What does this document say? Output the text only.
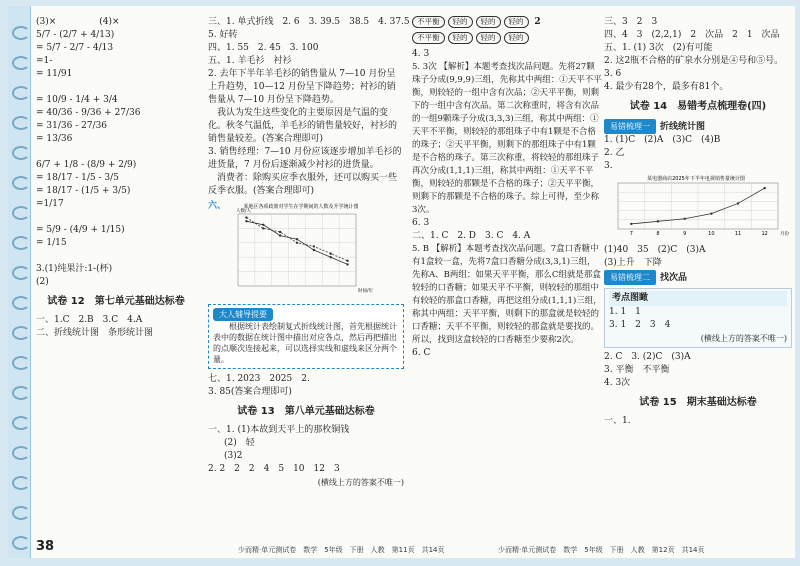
(3)×	(4)×
5/7 - (2/7 + 4/13)
= 5/7 - 2/7 - 4/13
=1-
= 11/91

= 10/9 - 1/4 + 3/4
= 40/36 - 9/36 + 27/36
= 31/36 - 27/36
= 13/36

6/7 + 1/8 - (8/9 + 2/9)
= 18/17 - 1/5 - 3/5
= 18/17 - (1/5 + 3/5)
=1/17

= 5/9 - (4/9 + 1/15)
= 1/15

3.(1)纯果汁:1-(杯)
(2)
试卷 12　第七单元基础达标卷
一、1.C　2.B　3.C　4.A
二、折线统计图　条形统计图
38
三、1. 单式折线　2. 6　3. 39.5　38.5　4. 37.5
5. 好转
四、1. 55　2. 45　3. 100
五、1. 羊毛衫　衬衫
2. 去年下半年羊毛衫的销售量从 7—10 月份呈上升趋势，10—12 月份呈下降趋势；衬衫的销售量从 7—10 月份呈下降趋势。
我认为发生这些变化的主要原因是气温的变化。秋冬气温低，羊毛衫的销售量较好，衬衫的销售量较差。(答案合理即可)
3. 销售经理：7—10 月份应该逐步增加羊毛衫的进货量，7 月份后逐渐减少衬衫的进货量。
消费者：除购买应季衣服外，还可以购买一些反季衣服。(答案合理即可)
六、	某地区各项政策对学生在学期间的人数及升学统计图
时间/年
人数/人
大人辅导提要
根据统计表绘制复式折线统计图，首先根据统计表中的数据在统计图中描出对应各点，然后再把描出的点顺次连接起来，可以选择实线和虚线来区分两个量。
七、1. 2023　2025　2.
3. 85(答案合理即可)
试卷 13　第八单元基础达标卷
一、1. (1)本故到天平上的那枚铜钱
(2)　轻
(3)2
2. 2　2　2　4　5　10　12　3
(横线上方的答案不唯一)
少而精·单元测试卷　数学　5年级　下册　人教　第11页　共14页
不平衡 轻的 轻的 轻的 2
不平衡 轻的 轻的 轻的
4. 3
5. 3次 【解析】本题考查找次品问题。先将27颗珠子分成(9,9,9)三组，先称其中两组：①天平不平衡，则较轻的一组中含有次品；②天平平衡，则剩下的一组中含有次品。第二次称重时，将含有次品的一组9颗珠子分成(3,3,3)三组，称其中两组：①天平不平衡，则较轻的那组珠子中有1颗是不合格的珠子；②天平平衡，则剩下的那组珠子中有1颗是不合格的珠子。第三次称重，将较轻的那组珠子再次分成(1,1,1)三组，称其中两组：①天平不平衡，则较轻的那颗是不合格的珠子；②天平平衡，则剩下的那颗是不合格的珠子。综上可得，至少称3次。
6. 3
二、1. C　2. D　3. C　4. A
5. B 【解析】本题考查找次品问题。7盒口香糖中有1盒较一盒，先将7盒口香糖分成(3,3,1)三组，先称A、B两组：如果天平平衡，那么C组就是那盒较轻的口香糖；如果天平不平衡，则较轻的那组中有较轻的那盒口香糖，再把这组分成(1,1,1)三组，称其中两组：天平平衡，则剩下的那盒就是较轻的口香糖；天平不平衡，则较轻的那盒就是要找的。所以，找到这盒较轻的口香糖至少要称2次。
6. C
少而精·单元测试卷　数学　5年级　下册　人教　第12页　共14页
三、3　2　3
四、4　3　(2,2,1)　2　次品　2　1　次品
五、1. (1) 3次　(2)有可能
2. 这2瓶不合格的矿泉水分别是④号和⑤号。
3. 6
4. 最少有28个，最多有81个。
试卷 14　易错考点梳理卷(四)
易错梳理一 折线统计图
1. (1)C　(2)A　(3)C　(4)B
2. 乙
3.
某电器商店2025年下半年电视销售量统计图
7	8	9	10	11	12	月份
(1)40　35　(2)C　(3)A
(3)上升　下降
易错梳理二 找次品
考点图瞰
1. 1　1
3. 1　2　3　4
(横线上方的答案不唯一)
2. C　3. (2)C　(3)A
3. 平衡　不平衡
4. 3次
试卷 15　期末基础达标卷
一、1.
